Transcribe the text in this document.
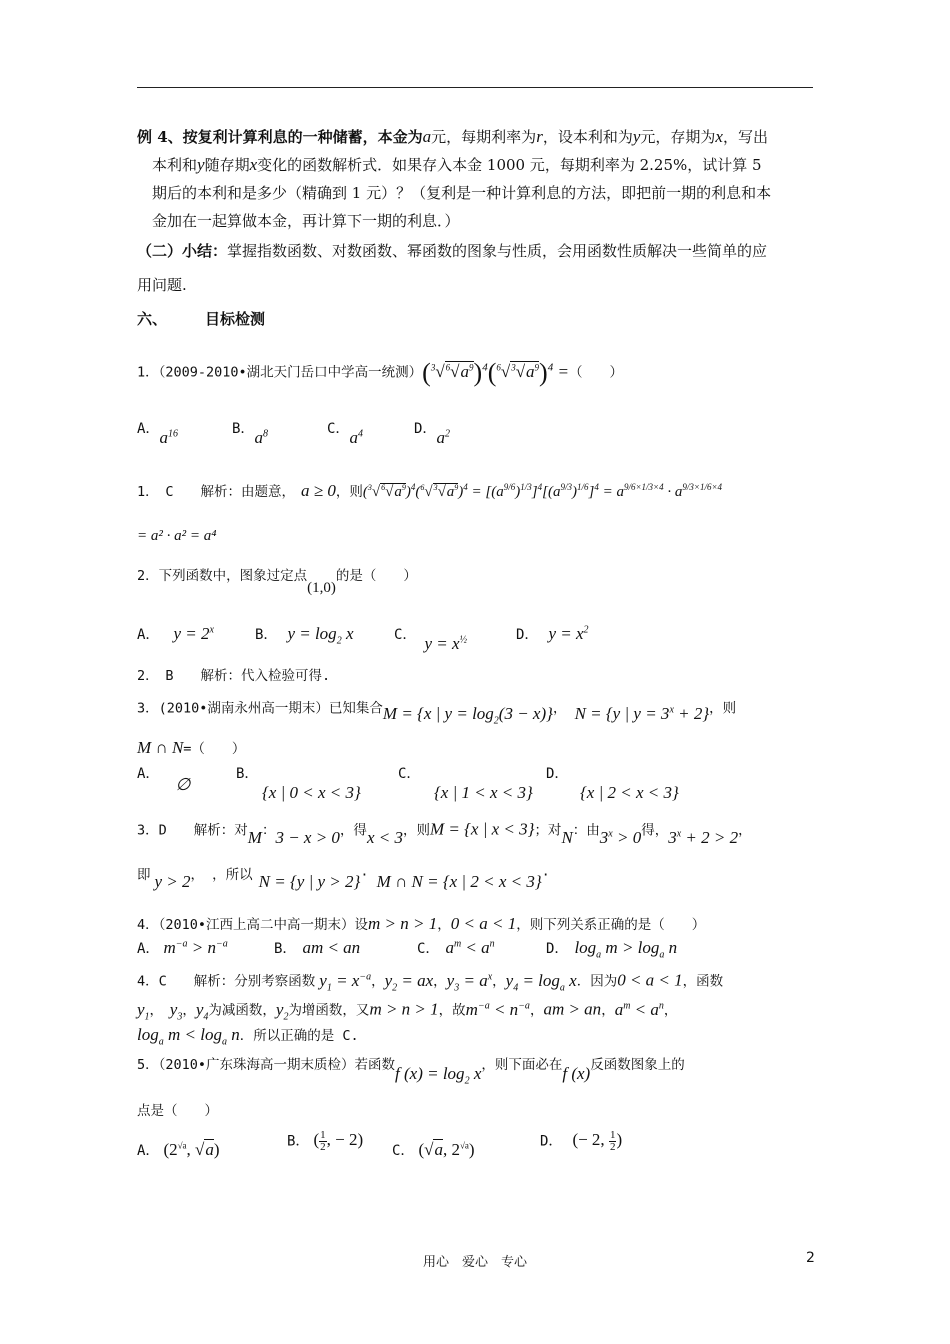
例 4、按复利计算利息的一种储蓄，本金为a元，每期利率为r，设本利和为y元，存期为x，写出
本利和y随存期x变化的函数解析式．如果存入本金 1000 元，每期利率为 2.25%，试计算 5
期后的本利和是多少（精确到 1 元）？（复利是一种计算利息的方法，即把前一期的利息和本
金加在一起算做本金，再计算下一期的利息．）
（二）小结：掌握指数函数、对数函数、幂函数的图象与性质，会用函数性质解决一些简单的应
用问题.
六、	目标检测
1．（2009-2010•湖北天门岳口中学高一统测）$(^3√^6√a^9)^4(^6√^3√a^9)^4$ =（　　）
A．$a^{16}$	B．$a^8$	C．$a^4$	D．$a^2$
1．　C　　解析：由题意， a ≥ 0，则$(^3√^6√a^9)^4(^6√^3√a^9)^4 = [(a^{9/6})^{1/3}]^4[(a^{9/3})^{1/6}]^4 = a^{9/6\times 1/3\times 4} \cdot a^{9/3\times 1/6\times 4}$
= a² · a² = a⁴
2．下列函数中，图象过定点(1,0)的是（　　）
A． $y = 2^x$	B． $y = \log_2 x$	C． $y = x^{\frac{1}{2}}$	D． $y = x^2$
2．　B　　解析：代入检验可得.
3．(2010•湖南永州高一期末）已知集合M = {x | $y = \log_2(3 - x)$}， N = {y | $y = 3^x + 2$}，则
M ∩ N=（　　）
A．∅
B．
{x | 0 < x < 3}
C．
{x | 1 < x < 3}
D．
{x | 2 < x < 3}
3．D　　解析：对M：3 − x > 0，得x < 3，则M = {x | x < 3}；对N：由$3^x > 0$得，$3^x + 2 > 2$，
即 y > 2， ，所以 N = {y | y > 2}· M ∩ N = {x | 2 < x < 3}·
4．（2010•江西上高二中高一期末）设m > n > 1，0 < a < 1，则下列关系正确的是（　　）
A． $m^{-a} > n^{-a}$	B． am < an	C． $a^m < a^n$	D． $\log_a m > \log_a n$
4．C　　解析：分别考察函数 $y_1 = x^{-a}$，$y_2$ = ax，$y_3 = a^x$，$y_4 = \log_a x$．因为0 < a < 1，函数
$y_1$，　$y_3$，$y_4$为减函数，$y_2$为增函数，又m > n > 1，故$m^{-a} < n^{-a}$，am > an，$a^m < a^n$，
$\log_a m < \log_a n$．所以正确的是 C.
5．（2010•广东珠海高一期末质检）若函数f $(x) = \log_2 x$，则下面必在f (x)反函数图象上的
点是（　　）
A． ($2^{√a}$, √a)	B． ( $\frac{1}{2}$ , − 2)
C． (√a, $2^{√a}$)	D． (− 2, $\frac{1}{2}$ )
用心　爱心　专心	2
